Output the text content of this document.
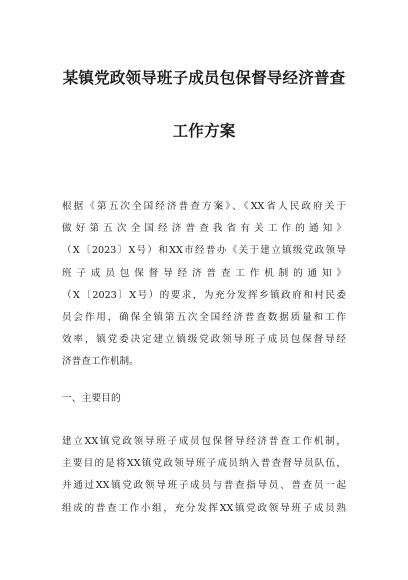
某镇党政领导班子成员包保督导经济普查
工作方案
根据《第五次全国经济普查方案》、《XX省人民政府关于
做好第五次全国经济普查我省有关工作的通知》
（X〔2023〕X号）和XX市经普办《关于建立镇级党政领导
班子成员包保督导经济普查工作机制的通知》
（X〔2023〕X号）的要求，为充分发挥乡镇政府和村民委
员会作用，确保全镇第五次全国经济普查数据质量和工作
效率，镇党委决定建立镇级党政领导班子成员包保督导经
济普查工作机制。
一、主要目的
建立XX镇党政领导班子成员包保督导经济普查工作机制，
主要目的是将XX镇党政领导班子成员纳入普查督导员队伍，
并通过XX镇党政领导班子成员与普查指导员、普查员一起
组成的普查工作小组，充分发挥XX镇党政领导班子成员熟
